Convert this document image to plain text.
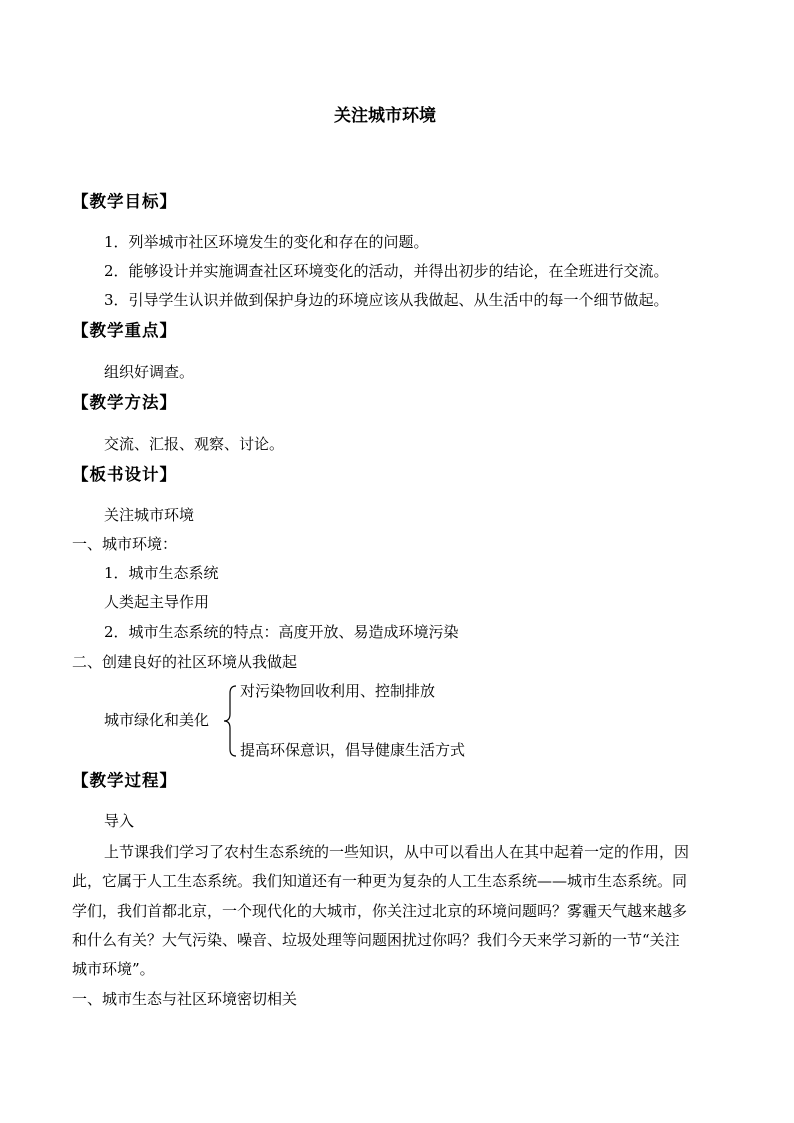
关注城市环境
【教学目标】
1．列举城市社区环境发生的变化和存在的问题。
2．能够设计并实施调查社区环境变化的活动，并得出初步的结论，在全班进行交流。
3．引导学生认识并做到保护身边的环境应该从我做起、从生活中的每一个细节做起。
【教学重点】
组织好调查。
【教学方法】
交流、汇报、观察、讨论。
【板书设计】
关注城市环境
一、城市环境：
1．城市生态系统
人类起主导作用
2．城市生态系统的特点：高度开放、易造成环境污染
二、创建良好的社区环境从我做起
城市绿化和美化
对污染物回收利用、控制排放
提高环保意识，倡导健康生活方式
【教学过程】
导入
上节课我们学习了农村生态系统的一些知识，从中可以看出人在其中起着一定的作用，因
此，它属于人工生态系统。我们知道还有一种更为复杂的人工生态系统——城市生态系统。同
学们，我们首都北京，一个现代化的大城市，你关注过北京的环境问题吗？雾霾天气越来越多
和什么有关？大气污染、噪音、垃圾处理等问题困扰过你吗？我们今天来学习新的一节“关注
城市环境”。
一、城市生态与社区环境密切相关
